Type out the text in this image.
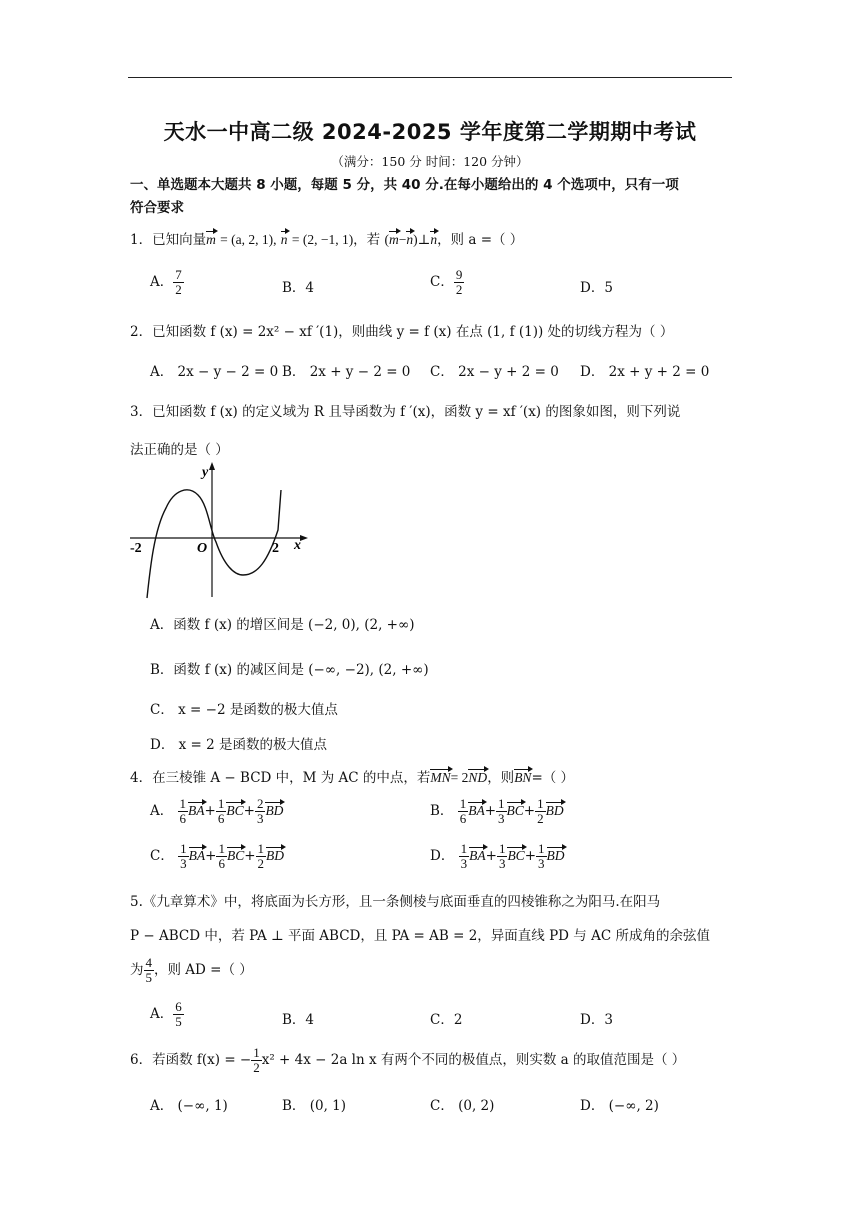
天水一中高二级 2024-2025 学年度第二学期期中考试
（满分：150 分 时间：120 分钟）
一、单选题本大题共 8 小题，每题 5 分，共 40 分.在每小题给出的 4 个选项中，只有一项
符合要求
1．已知向量m = (a, 2, 1), n = (2, −1, 1)，若 (m−n)⊥n，则 a =（ ）
A． $\frac{7}{2}$	B．4	C． $\frac{9}{2}$	D．5
2．已知函数 f (x) = 2x² − xf ′(1)，则曲线 y = f (x) 在点 (1, f (1)) 处的切线方程为（ ）
A． 2x − y − 2 = 0 B． 2x + y − 2 = 0 C． 2x − y + 2 = 0 D． 2x + y + 2 = 0
3．已知函数 f (x) 的定义域为 R 且导函数为 f ′(x)，函数 y = xf ′(x) 的图象如图，则下列说
法正确的是（ ）
y
x
O
-2	2
A．函数 f (x) 的增区间是 (−2, 0), (2, +∞)
B．函数 f (x) 的减区间是 (−∞, −2), (2, +∞)
C． x = −2 是函数的极大值点
D． x = 2 是函数的极大值点
4．在三棱锥 A − BCD 中，M 为 AC 的中点，若MN= 2ND，则BN=（ ）
A． $\frac{1}{6} BA+ \frac{1}{6} BC+ \frac{2}{3}$ BD	B． $\frac{1}{6} BA+ \frac{1}{3} BC+ \frac{1}{2}$ BD
C． $\frac{1}{3} BA+ \frac{1}{6} BC+ \frac{1}{2}$ BD	D． $\frac{1}{3} BA+ \frac{1}{3} BC+ \frac{1}{3}$ BD
5.《九章算术》中，将底面为长方形，且一条侧棱与底面垂直的四棱锥称之为阳马.在阳马
P − ABCD 中，若 PA ⊥ 平面 ABCD，且 PA = AB = 2，异面直线 PD 与 AC 所成角的余弦值
为 $\frac{4}{5}$ ，则 AD =（ ）
A． $\frac{6}{5}$	B．4	C．2	D．3
6．若函数 f(x) = − $\frac{1}{2} x^2 + 4x - 2a$ ln x 有两个不同的极值点，则实数 a 的取值范围是（ ）
A． (−∞, 1)	B． (0, 1)	C． (0, 2)	D． (−∞, 2)
